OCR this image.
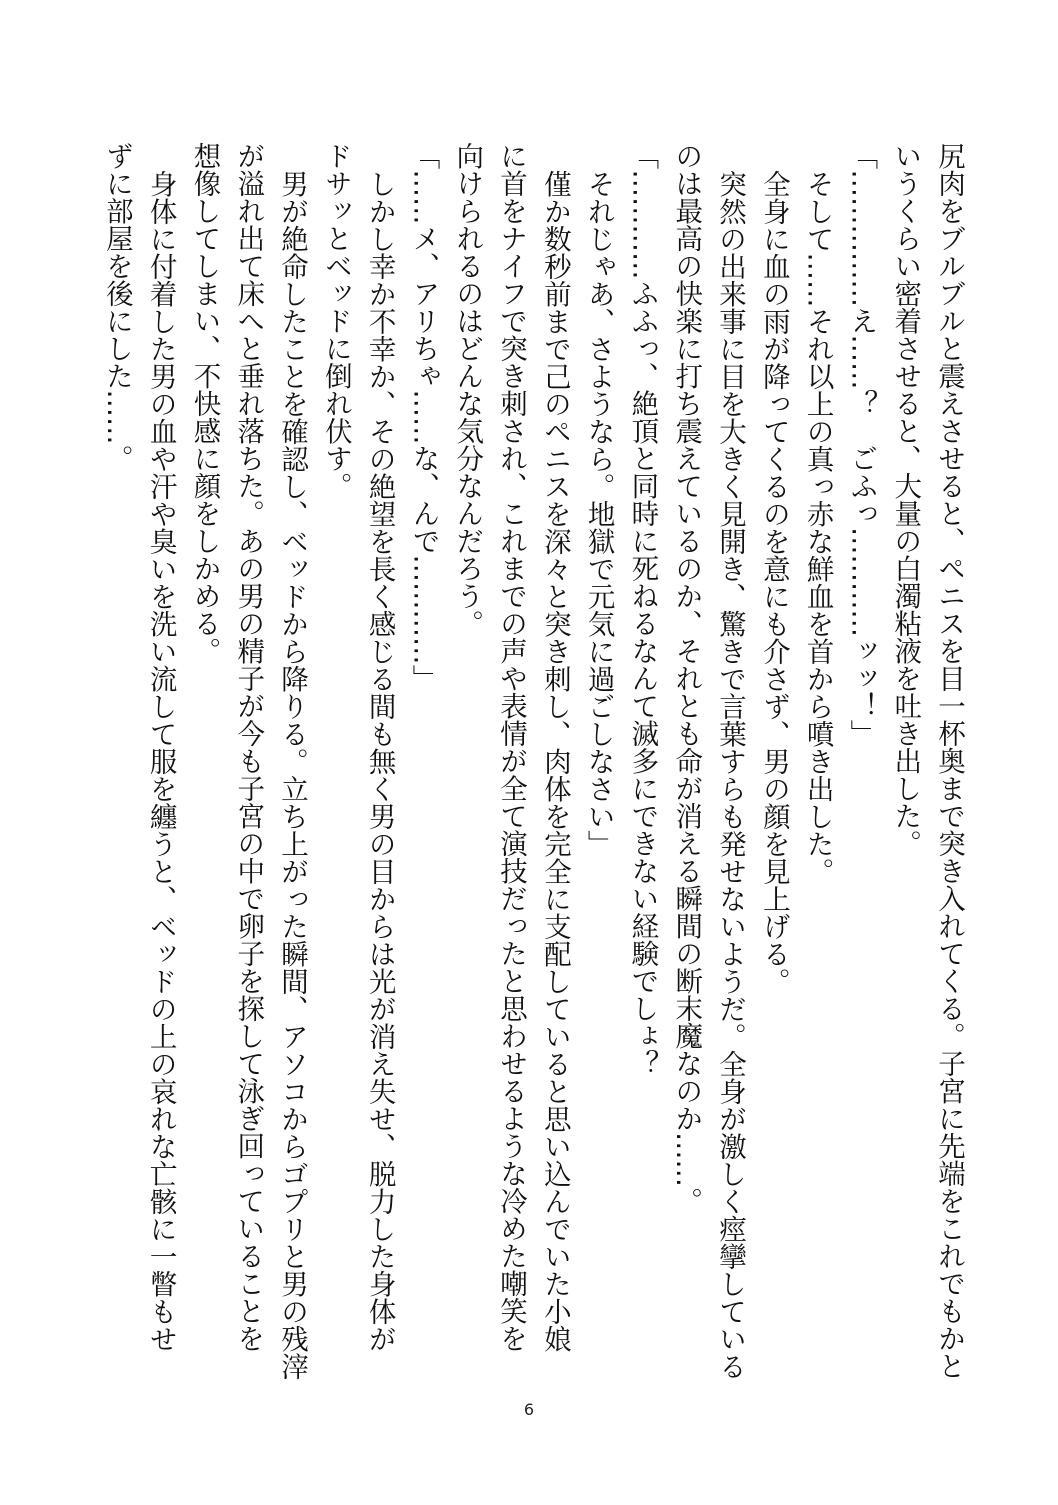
尻肉をブルブルと震えさせると、ペニスを目一杯奥まで突き入れてくる。子宮に先端をこれでもかと
いうくらい密着させると、大量の白濁粘液を吐き出した。
「……………え……？　ごふっ…………ッッ！」
そして……それ以上の真っ赤な鮮血を首から噴き出した。
全身に血の雨が降ってくるのを意にも介さず、男の顔を見上げる。
突然の出来事に目を大きく見開き、驚きで言葉すらも発せないようだ。全身が激しく痙攣している
のは最高の快楽に打ち震えているのか、それとも命が消える瞬間の断末魔なのか……。
「…………ふふっ、絶頂と同時に死ねるなんて滅多にできない経験でしょ？
それじゃあ、さようなら。地獄で元気に過ごしなさい」
僅か数秒前まで己のペニスを深々と突き刺し、肉体を完全に支配していると思い込んでいた小娘
に首をナイフで突き刺され、これまでの声や表情が全て演技だったと思わせるような冷めた嘲笑を
向けられるのはどんな気分なんだろう。
「……メ、アリちゃ……な、んで…………」
しかし幸か不幸か、その絶望を長く感じる間も無く男の目からは光が消え失せ、脱力した身体が
ドサッとベッドに倒れ伏す。
男が絶命したことを確認し、ベッドから降りる。立ち上がった瞬間、アソコからゴプリと男の残滓
が溢れ出て床へと垂れ落ちた。あの男の精子が今も子宮の中で卵子を探して泳ぎ回っていることを
想像してしまい、不快感に顔をしかめる。
身体に付着した男の血や汗や臭いを洗い流して服を纏うと、ベッドの上の哀れな亡骸に一瞥もせ
ずに部屋を後にした……。
6
